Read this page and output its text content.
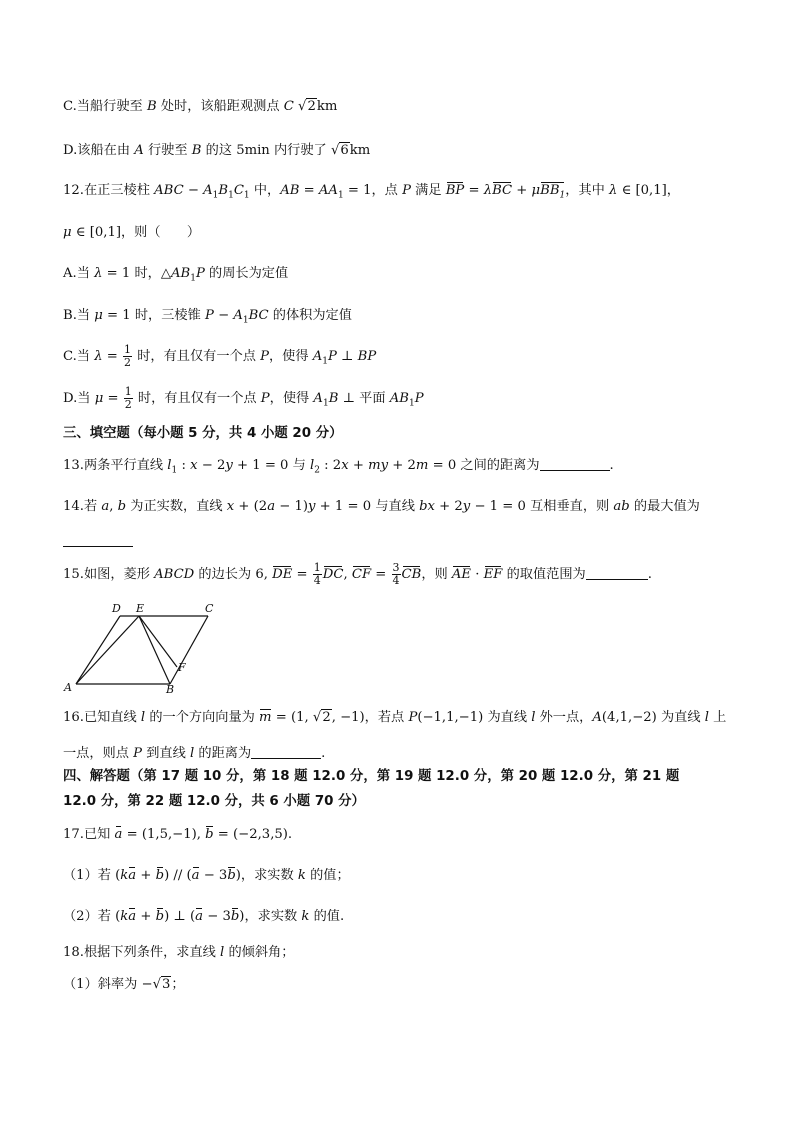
C.当船行驶至 B 处时，该船距观测点 C √2km
D.该船在由 A 行驶至 B 的这 5min 内行驶了 √6km
12.在正三棱柱 ABC − $A_1B_1C_1$ 中，AB = $AA_1 = 1$，点 P 满足 BP = λBC + μBB$_1$，其中 λ ∈ [0,1]，
μ ∈ [0,1]，则（　　）
A.当 λ = 1 时，$\triangle AB_1P$ 的周长为定值
B.当 μ = 1 时，三棱锥 $P - A_1BC$ 的体积为定值
C.当 $\lambda = \frac{1}{2}$ 时，有且仅有一个点 P，使得 $A_1P$ ⊥ BP
D.当 $\mu = \frac{1}{2}$ 时，有且仅有一个点 P，使得 $A_1B$ ⊥ 平面 $AB_1P$
三、填空题（每小题 5 分，共 4 小题 20 分）
13.两条平行直线 $l_1$ : x − 2y + 1 = 0 与 $l_2$ : 2x + my + 2m = 0 之间的距离为	.
14.若 a, b 为正实数，直线 x + (2a − 1)y + 1 = 0 与直线 bx + 2y − 1 = 0 互相垂直，则 ab 的最大值为
15.如图，菱形 ABCD 的边长为 6, DE = $\frac{1}{4}$ DC, CF = $\frac{3}{4}$ CB，则 AE · EF 的取值范围为	.
A	B
C
D E
F
16.已知直线 l 的一个方向向量为 m = (1, √2, −1)，若点 P(−1,1,−1) 为直线 l 外一点，A(4,1,−2) 为直线 l 上
一点，则点 P 到直线 l 的距离为	.
四、解答题（第 17 题 10 分，第 18 题 12.0 分，第 19 题 12.0 分，第 20 题 12.0 分，第 21 题
12.0 分，第 22 题 12.0 分，共 6 小题 70 分）
17.已知 a = (1,5,−1), b = (−2,3,5).
（1）若 (ka + b) // (a − 3b)，求实数 k 的值；
（2）若 (ka + b) ⊥ (a − 3b)，求实数 k 的值.
18.根据下列条件，求直线 l 的倾斜角；
（1）斜率为 −√3；
